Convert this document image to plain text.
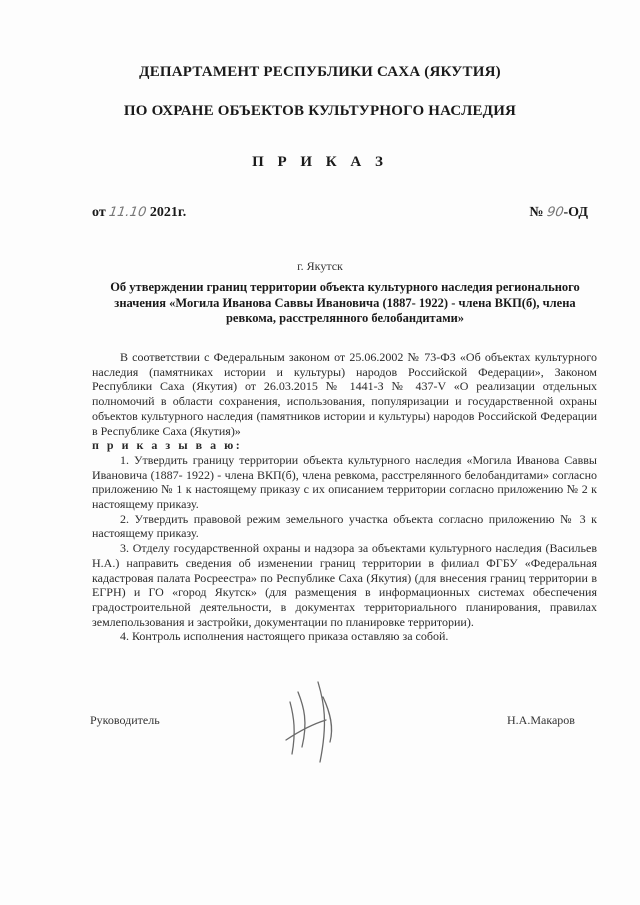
ДЕПАРТАМЕНТ РЕСПУБЛИКИ САХА (ЯКУТИЯ)
ПО ОХРАНЕ ОБЪЕКТОВ КУЛЬТУРНОГО НАСЛЕДИЯ
П Р И К А З
от 11.10 2021г.	№ 90-ОД
г. Якутск
Об утверждении границ территории объекта культурного наследия регионального значения «Могила Иванова Саввы Ивановича (1887- 1922) - члена ВКП(б), члена ревкома, расстрелянного белобандитами»

В соответствии с Федеральным законом от 25.06.2002 № 73-ФЗ «Об объектах культурного наследия (памятниках истории и культуры) народов Российской Федерации», Законом Республики Саха (Якутия) от 26.03.2015 № 1441-З № 437-V «О реализации отдельных полномочий в области сохранения, использования, популяризации и государственной охраны объектов культурного наследия (памятников истории и культуры) народов Российской Федерации в Республике Саха (Якутия)»

п р и к а з ы в а ю:

1. Утвердить границу территории объекта культурного наследия «Могила Иванова Саввы Ивановича (1887- 1922) - члена ВКП(б), члена ревкома, расстрелянного белобандитами» согласно приложению № 1 к настоящему приказу с их описанием территории согласно приложению № 2 к настоящему приказу.

2. Утвердить правовой режим земельного участка объекта согласно приложению № 3 к настоящему приказу.

3. Отделу государственной охраны и надзора за объектами культурного наследия (Васильев Н.А.) направить сведения об изменении границ территории в филиал ФГБУ «Федеральная кадастровая палата Росреестра» по Республике Саха (Якутия) (для внесения границ территории в ЕГРН) и ГО «город Якутск» (для размещения в информационных системах обеспечения градостроительной деятельности, в документах территориального планирования, правилах землепользования и застройки, документации по планировке территории).

4. Контроль исполнения настоящего приказа оставляю за собой.

Руководитель	Н.А.Макаров
